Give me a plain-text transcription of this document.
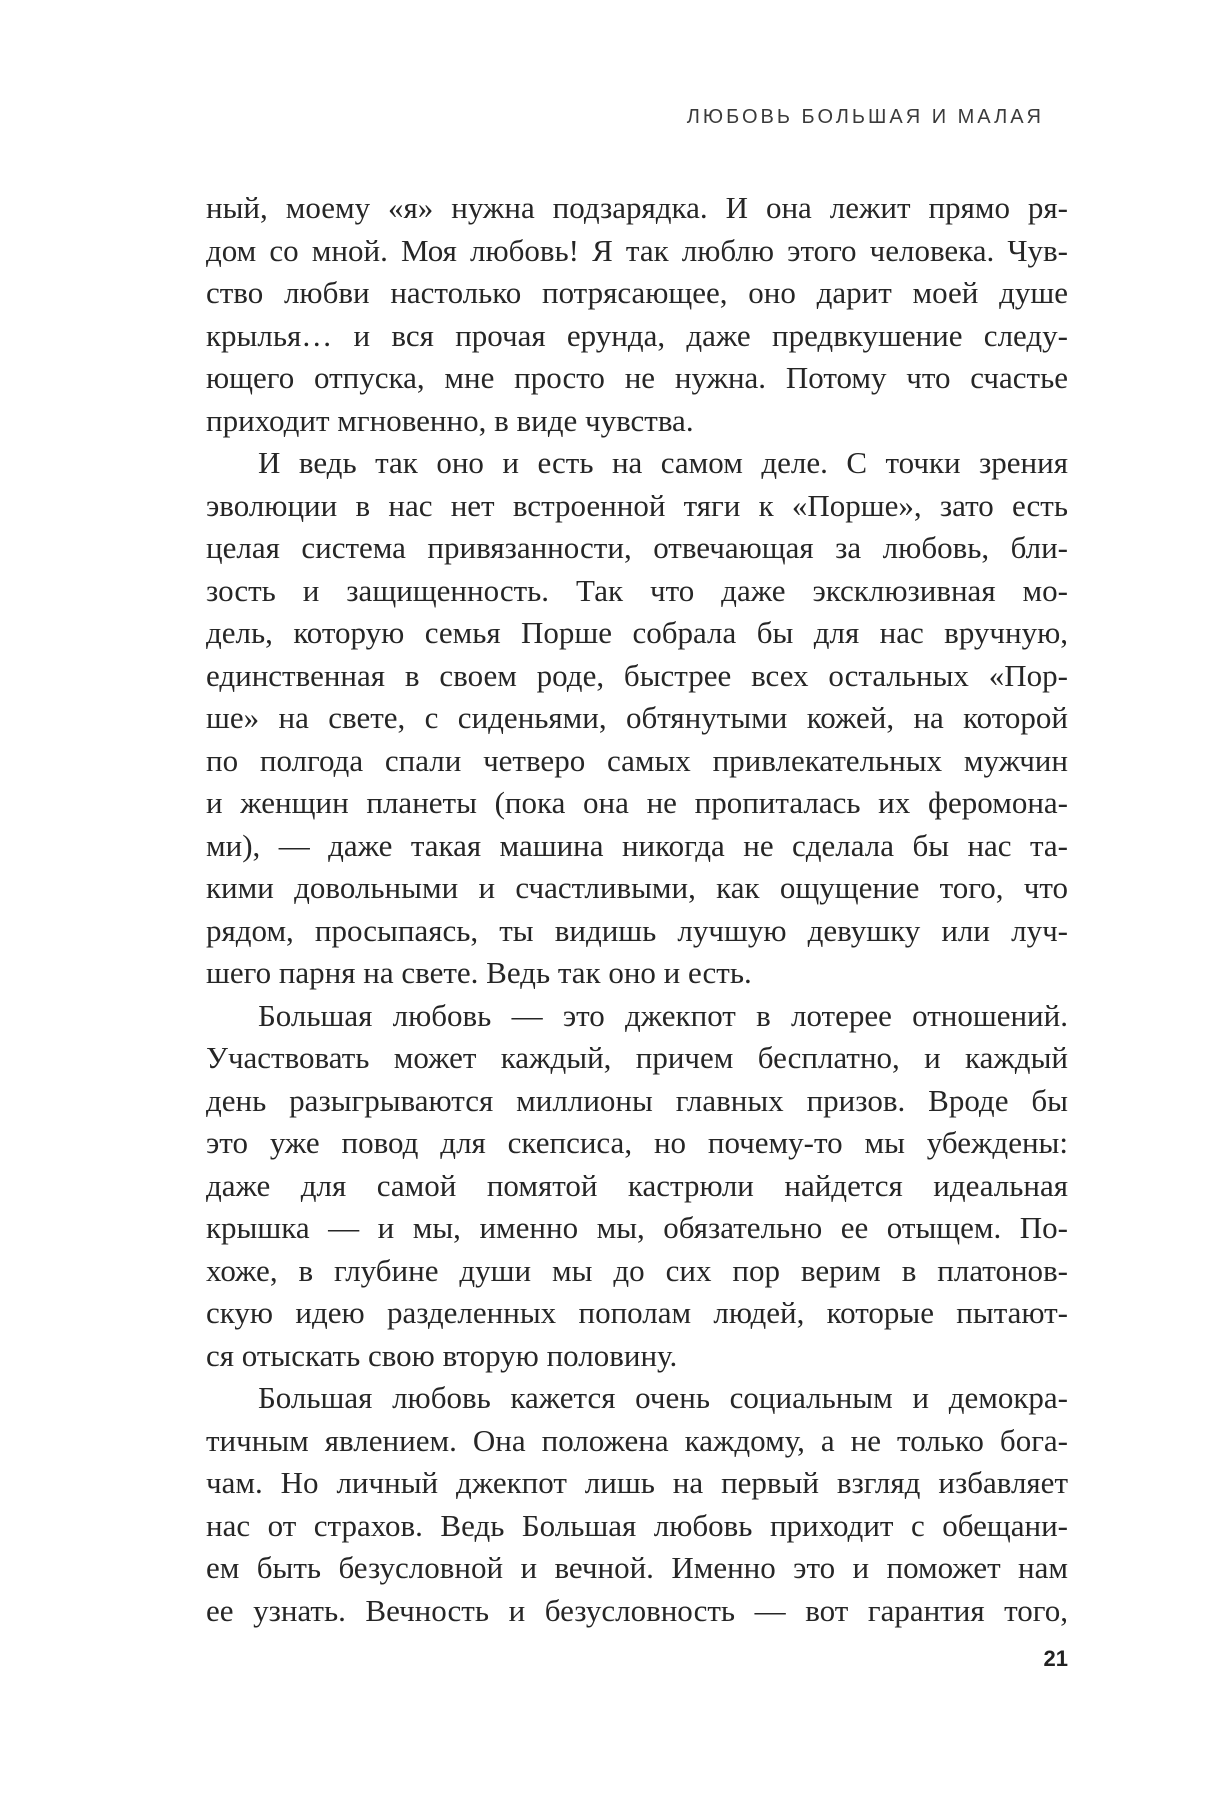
ЛЮБОВЬ БОЛЬШАЯ И МАЛАЯ
ный, моему «я» нужна подзарядка. И она лежит прямо ря-
дом со мной. Моя любовь! Я так люблю этого человека. Чув-
ство любви настолько потрясающее, оно дарит моей душе
крылья… и вся прочая ерунда, даже предвкушение следу-
ющего отпуска, мне просто не нужна. Потому что счастье
приходит мгновенно, в виде чувства.
И ведь так оно и есть на самом деле. С точки зрения
эволюции в нас нет встроенной тяги к «Порше», зато есть
целая система привязанности, отвечающая за любовь, бли-
зость и защищенность. Так что даже эксклюзивная мо-
дель, которую семья Порше собрала бы для нас вручную,
единственная в своем роде, быстрее всех остальных «Пор-
ше» на свете, с сиденьями, обтянутыми кожей, на которой
по полгода спали четверо самых привлекательных мужчин
и женщин планеты (пока она не пропиталась их феромона-
ми), — даже такая машина никогда не сделала бы нас та-
кими довольными и счастливыми, как ощущение того, что
рядом, просыпаясь, ты видишь лучшую девушку или луч-
шего парня на свете. Ведь так оно и есть.
Большая любовь — это джекпот в лотерее отношений.
Участвовать может каждый, причем бесплатно, и каждый
день разыгрываются миллионы главных призов. Вроде бы
это уже повод для скепсиса, но почему-то мы убеждены:
даже для самой помятой кастрюли найдется идеальная
крышка — и мы, именно мы, обязательно ее отыщем. По-
хоже, в глубине души мы до сих пор верим в платонов-
скую идею разделенных пополам людей, которые пытают-
ся отыскать свою вторую половину.
Большая любовь кажется очень социальным и демокра-
тичным явлением. Она положена каждому, а не только бога-
чам. Но личный джекпот лишь на первый взгляд избавляет
нас от страхов. Ведь Большая любовь приходит с обещани-
ем быть безусловной и вечной. Именно это и поможет нам
ее узнать. Вечность и безусловность — вот гарантия того,
21
